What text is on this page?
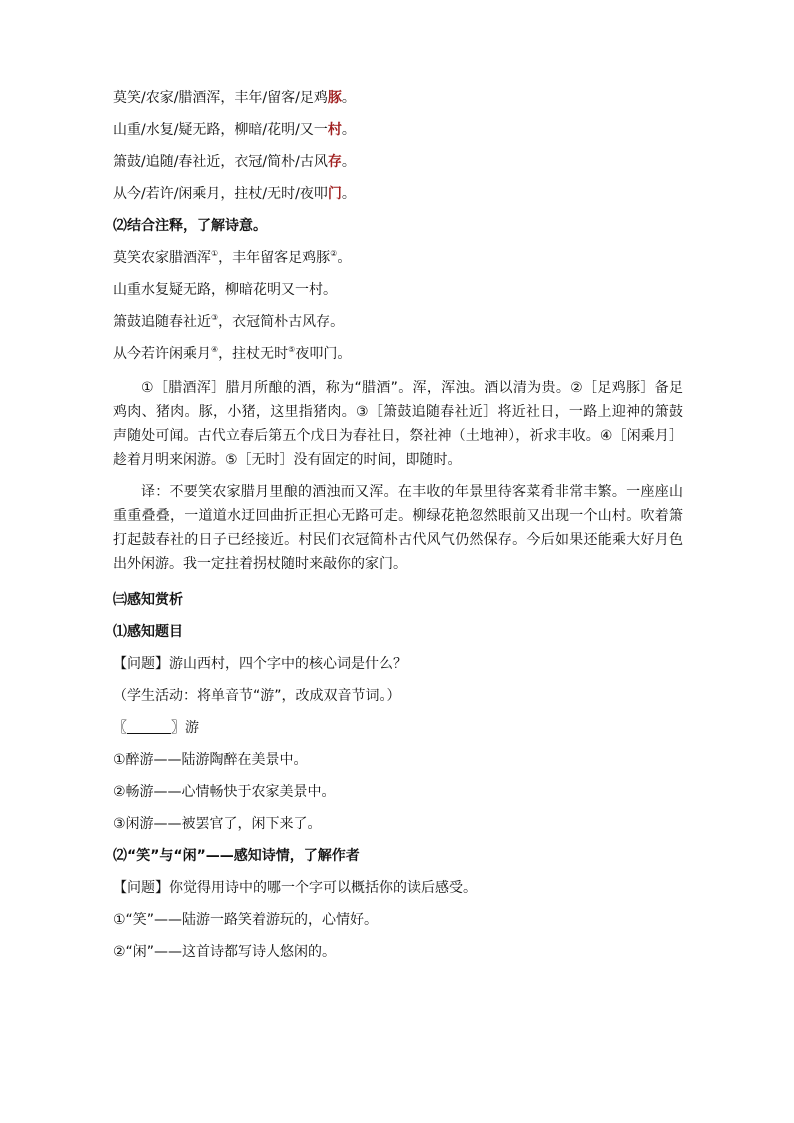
莫笑/农家/腊酒浑，丰年/留客/足鸡豚。
山重/水复/疑无路，柳暗/花明/又一村。
箫鼓/追随/春社近，衣冠/简朴/古风存。
从今/若许/闲乘月，拄杖/无时/夜叩门。
⑵结合注释，了解诗意。
莫笑农家腊酒浑①，丰年留客足鸡豚②。
山重水复疑无路，柳暗花明又一村。
箫鼓追随春社近③，衣冠简朴古风存。
从今若许闲乘月④，拄杖无时⑤夜叩门。

①［腊酒浑］腊月所酿的酒，称为“腊酒”。浑，浑浊。酒以清为贵。②［足鸡豚］备足鸡肉、猪肉。豚，小猪，这里指猪肉。③［箫鼓追随春社近］将近社日，一路上迎神的箫鼓声随处可闻。古代立春后第五个戊日为春社日，祭社神（土地神），祈求丰收。④［闲乘月］趁着月明来闲游。⑤［无时］没有固定的时间，即随时。

译：不要笑农家腊月里酿的酒浊而又浑。在丰收的年景里待客菜肴非常丰繁。一座座山重重叠叠，一道道水迂回曲折正担心无路可走。柳绿花艳忽然眼前又出现一个山村。吹着箫打起鼓春社的日子已经接近。村民们衣冠简朴古代风气仍然保存。今后如果还能乘大好月色出外闲游。我一定拄着拐杖随时来敲你的家门。

㈢感知赏析
⑴感知题目
【问题】游山西村，四个字中的核心词是什么？
（学生活动：将单音节“游”，改成双音节词。）
〖	〗游
①醉游——陆游陶醉在美景中。
②畅游——心情畅快于农家美景中。
③闲游——被罢官了，闲下来了。
⑵“笑”与“闲”——感知诗情，了解作者
【问题】你觉得用诗中的哪一个字可以概括你的读后感受。
①“笑”——陆游一路笑着游玩的，心情好。
②“闲”——这首诗都写诗人悠闲的。
